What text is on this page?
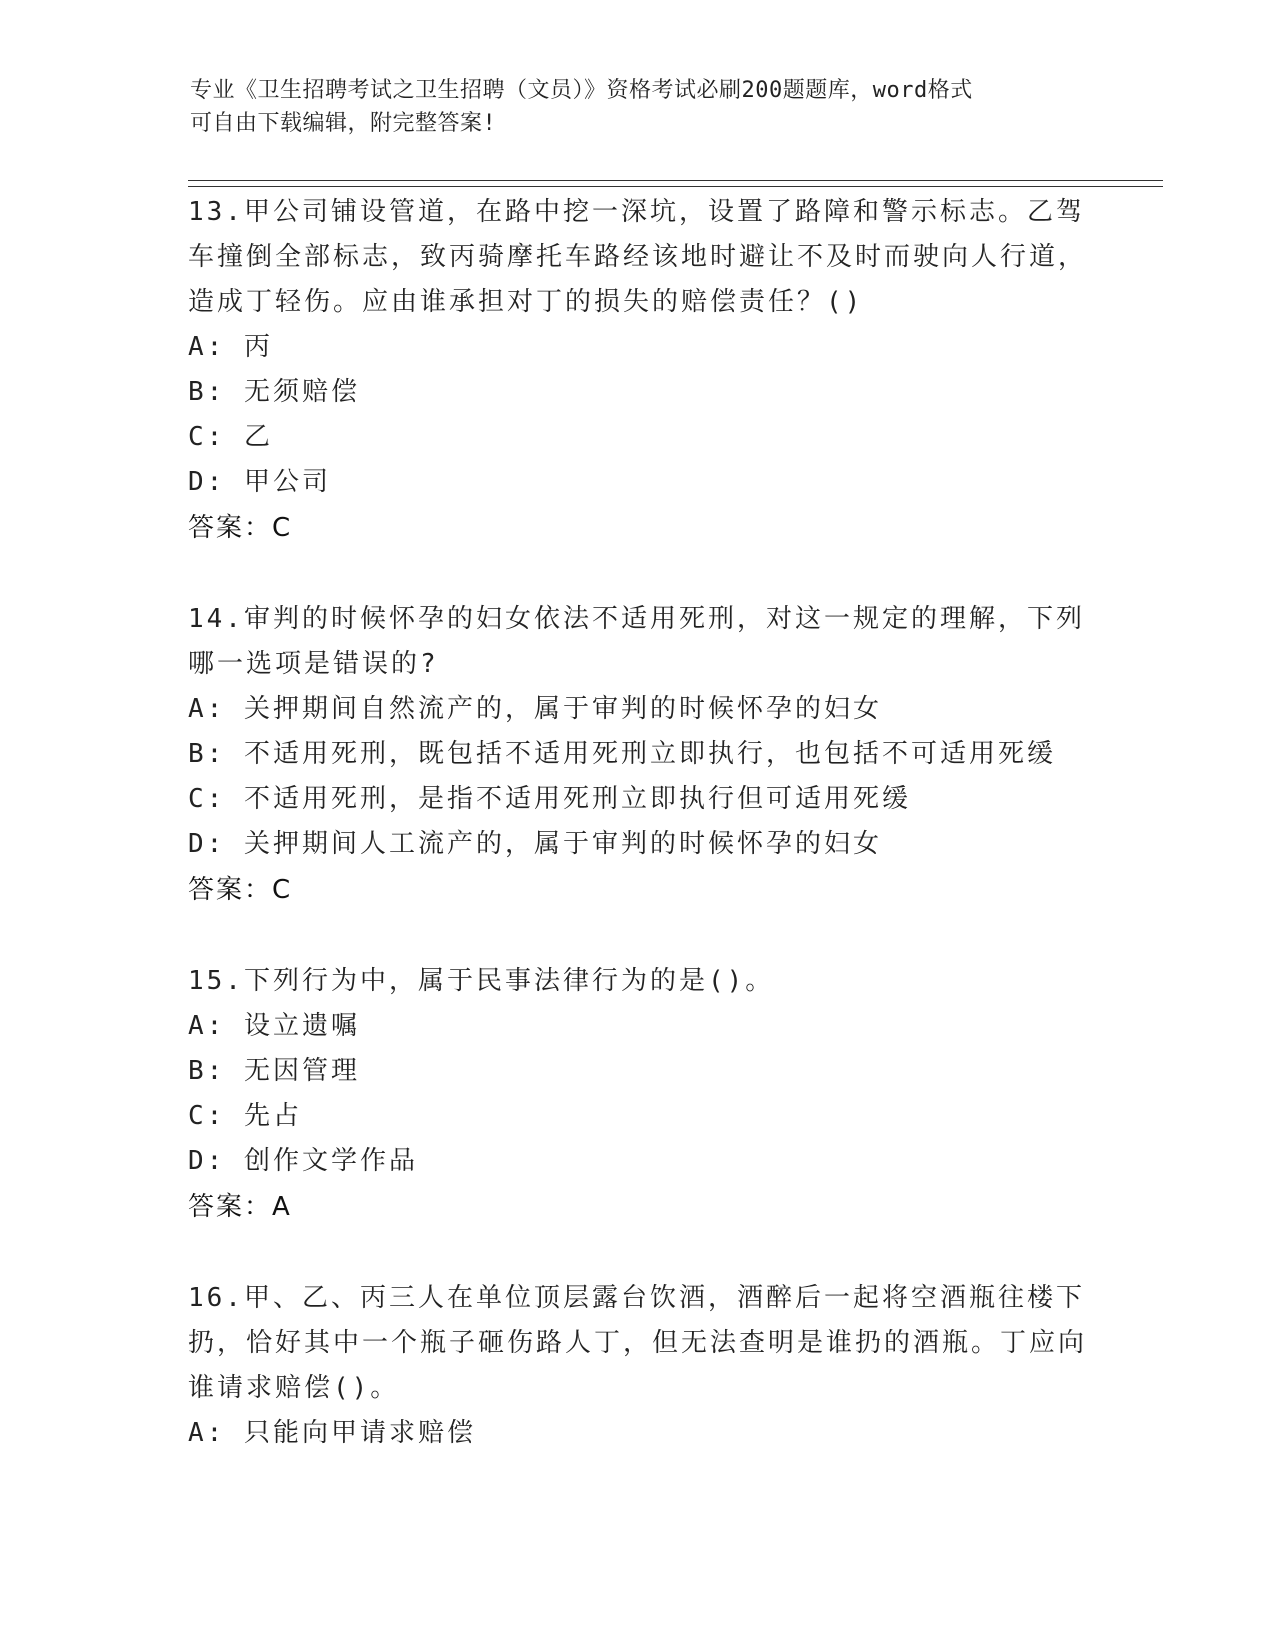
专业《卫生招聘考试之卫生招聘（文员）》资格考试必刷200题题库，word格式
可自由下载编辑，附完整答案!
13.甲公司铺设管道，在路中挖一深坑，设置了路障和警示标志。乙驾车撞倒全部标志，致丙骑摩托车路经该地时避让不及时而驶向人行道，造成丁轻伤。应由谁承担对丁的损失的赔偿责任？()
A: 丙
B: 无须赔偿
C: 乙
D: 甲公司
答案：C
14.审判的时候怀孕的妇女依法不适用死刑，对这一规定的理解，下列哪一选项是错误的?
A: 关押期间自然流产的，属于审判的时候怀孕的妇女
B: 不适用死刑，既包括不适用死刑立即执行，也包括不可适用死缓
C: 不适用死刑，是指不适用死刑立即执行但可适用死缓
D: 关押期间人工流产的，属于审判的时候怀孕的妇女
答案：C
15.下列行为中，属于民事法律行为的是()。
A: 设立遗嘱
B: 无因管理
C: 先占
D: 创作文学作品
答案：A
16.甲、乙、丙三人在单位顶层露台饮酒，酒醉后一起将空酒瓶往楼下扔，恰好其中一个瓶子砸伤路人丁，但无法查明是谁扔的酒瓶。丁应向谁请求赔偿()。
A: 只能向甲请求赔偿
